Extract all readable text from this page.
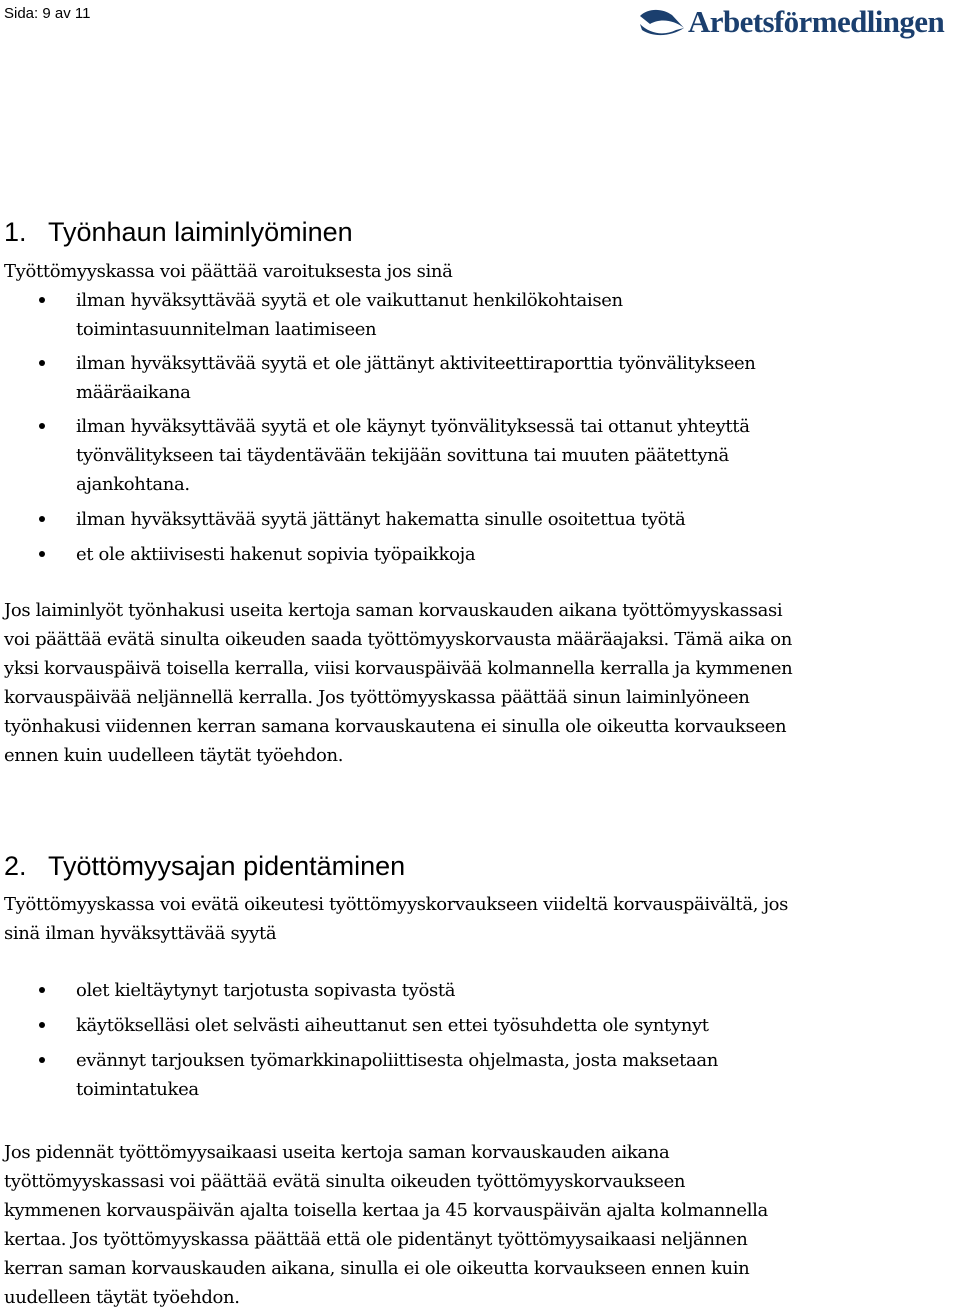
Sida: 9 av 11	Arbetsförmedlingen
1. Työnhaun laiminlyöminen

Työttömyyskassa voi päättää varoituksesta jos sinä

ilman hyväksyttävää syytä et ole vaikuttanut henkilökohtaisen toimintasuunnitelman laatimiseen
ilman hyväksyttävää syytä et ole jättänyt aktiviteettiraporttia työnvälitykseen määräaikana
ilman hyväksyttävää syytä et ole käynyt työnvälityksessä tai ottanut yhteyttä työnvälitykseen tai täydentävään tekijään sovittuna tai muuten päätettynä ajankohtana.
ilman hyväksyttävää syytä jättänyt hakematta sinulle osoitettua työtä
et ole aktiivisesti hakenut sopivia työpaikkoja

Jos laiminlyöt työnhakusi useita kertoja saman korvauskauden aikana työttömyyskassasi voi päättää evätä sinulta oikeuden saada työttömyyskorvausta määräajaksi. Tämä aika on yksi korvauspäivä toisella kerralla, viisi korvauspäivää kolmannella kerralla ja kymmenen korvauspäivää neljännellä kerralla. Jos työttömyyskassa päättää sinun laiminlyöneen työnhakusi viidennen kerran samana korvauskautena ei sinulla ole oikeutta korvaukseen ennen kuin uudelleen täytät työehdon.

2. Työttömyysajan pidentäminen

Työttömyyskassa voi evätä oikeutesi työttömyyskorvaukseen viideltä korvauspäivältä, jos sinä ilman hyväksyttävää syytä

olet kieltäytynyt tarjotusta sopivasta työstä
käytökselläsi olet selvästi aiheuttanut sen ettei työsuhdetta ole syntynyt
evännyt tarjouksen työmarkkinapoliittisesta ohjelmasta, josta maksetaan toimintatukea

Jos pidennät työttömyysaikaasi useita kertoja saman korvauskauden aikana työttömyyskassasi voi päättää evätä sinulta oikeuden työttömyyskorvaukseen kymmenen korvauspäivän ajalta toisella kertaa ja 45 korvauspäivän ajalta kolmannella kertaa. Jos työttömyyskassa päättää että ole pidentänyt työttömyysaikaasi neljännen kerran saman korvauskauden aikana, sinulla ei ole oikeutta korvaukseen ennen kuin uudelleen täytät työehdon.
